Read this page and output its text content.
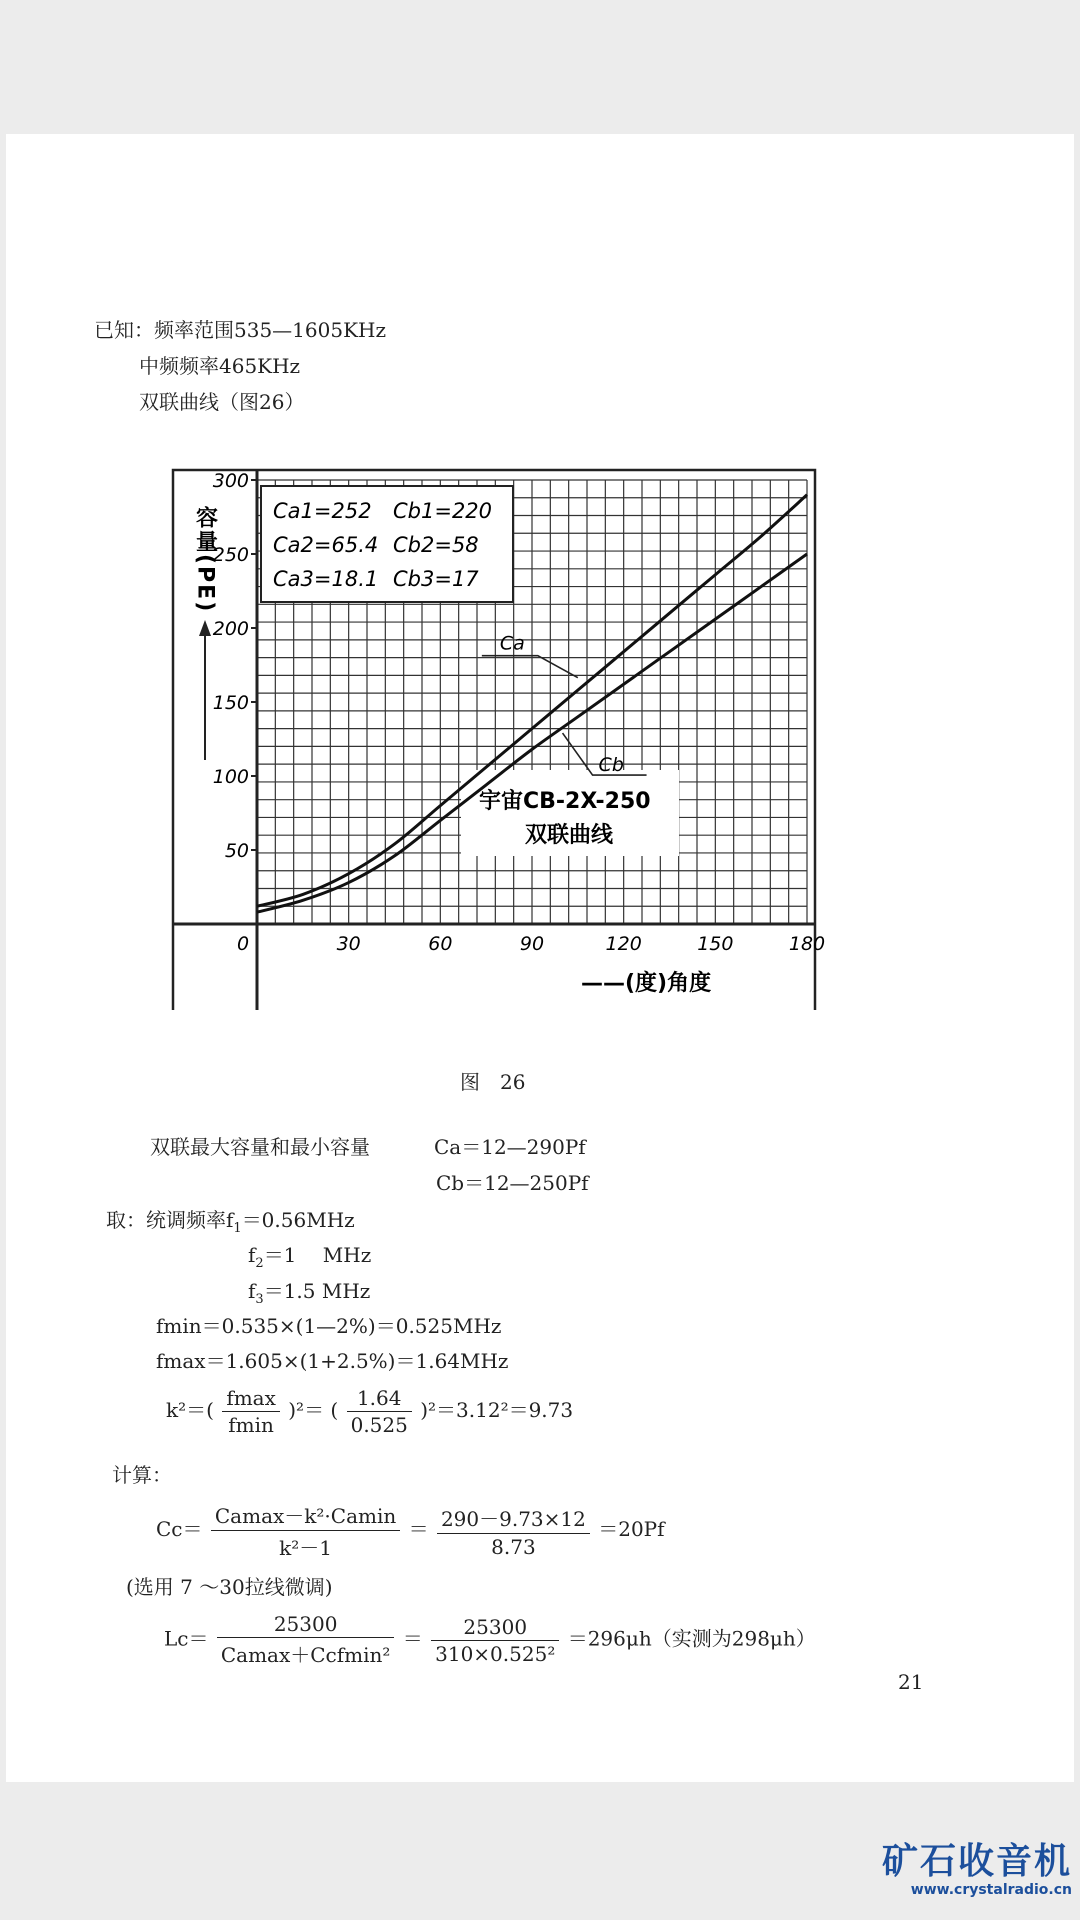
已知：频率范围535—1605KHz
中频频率465KHz
双联曲线（图26）
50
100
150
200
250
300
0	30	60	90	120	150	180
容量(PE)
——(度)角度
Ca1=252 Cb1=220
Ca2=65.4 Cb2=58
Ca3=18.1 Cb3=17
宇宙CB-2X-250
双联曲线
Ca
Cb
图　26
双联最大容量和最小容量	Ca＝12—290Pf
Cb＝12—250Pf
取：统调频率$f_1=0.56MHz$
$f_2=1$　 MHz
$f_3=1.5$ MHz
fmin＝0.535×(1—2%)＝0.525MHz
fmax＝1.605×(1+2.5%)＝1.64MHz
$k^2=( \frac{fmax}{fmin} )^2=$ ( $\frac{1.64}{0.525} )^2=3.12^2=9.73$
计算：
$Cc= \frac{\text{Camax－k²·Camin}}{\text{k²－1}} = \frac{290-9.73\times 12}{8.73} =20Pf$
(选用 7 ～30拉线微调)
$Lc= \frac{25300}{\text{Camax＋Ccfmin²}} = \frac{25300}{\text{310×0.525²}} =296\mu h$（实测为298μh）
21
矿石收音机
www.crystalradio.cn
